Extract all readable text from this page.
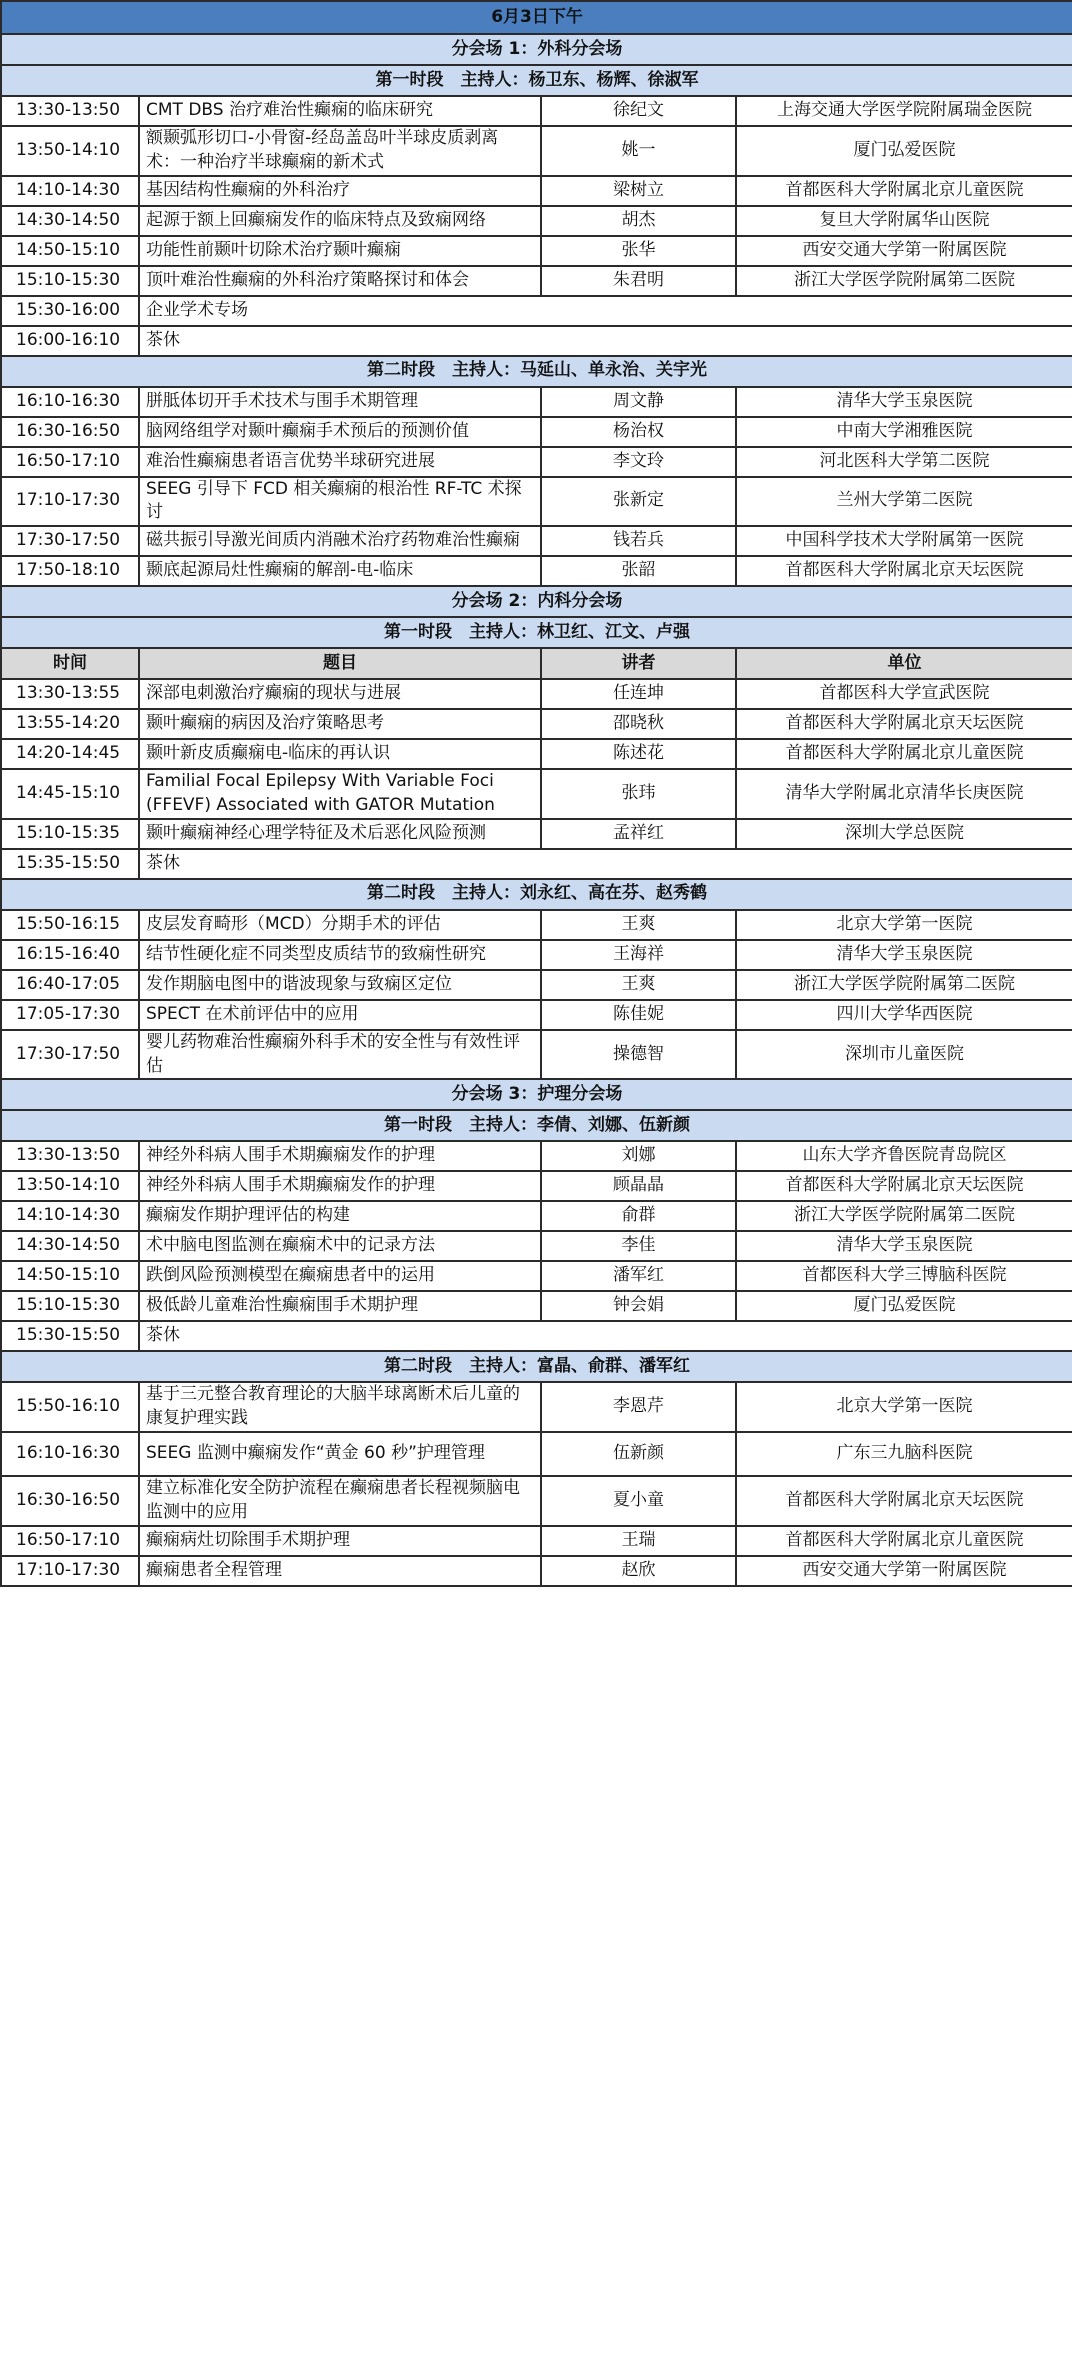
6月3日下午			
分会场 1：外科分会场			
第一时段　主持人：杨卫东、杨辉、徐淑军			
13:30-13:50	CMT DBS 治疗难治性癫痫的临床研究	徐纪文	上海交通大学医学院附属瑞金医院
13:50-14:10	额颞弧形切口-小骨窗-经岛盖岛叶半球皮质剥离术：一种治疗半球癫痫的新术式	姚一	厦门弘爱医院
14:10-14:30	基因结构性癫痫的外科治疗	梁树立	首都医科大学附属北京儿童医院
14:30-14:50	起源于额上回癫痫发作的临床特点及致痫网络	胡杰	复旦大学附属华山医院
14:50-15:10	功能性前颞叶切除术治疗颞叶癫痫	张华	西安交通大学第一附属医院
15:10-15:30	顶叶难治性癫痫的外科治疗策略探讨和体会	朱君明	浙江大学医学院附属第二医院
15:30-16:00	企业学术专场		
16:00-16:10	茶休		
第二时段　主持人：马延山、单永治、关宇光			
16:10-16:30	胼胝体切开手术技术与围手术期管理	周文静	清华大学玉泉医院
16:30-16:50	脑网络组学对颞叶癫痫手术预后的预测价值	杨治权	中南大学湘雅医院
16:50-17:10	难治性癫痫患者语言优势半球研究进展	李文玲	河北医科大学第二医院
17:10-17:30	SEEG 引导下 FCD 相关癫痫的根治性 RF-TC 术探讨	张新定	兰州大学第二医院
17:30-17:50	磁共振引导激光间质内消融术治疗药物难治性癫痫	钱若兵	中国科学技术大学附属第一医院
17:50-18:10	颞底起源局灶性癫痫的解剖-电-临床	张韶	首都医科大学附属北京天坛医院
分会场 2：内科分会场			
第一时段　主持人：林卫红、江文、卢强			
时间	题目	讲者	单位
13:30-13:55	深部电刺激治疗癫痫的现状与进展	任连坤	首都医科大学宣武医院
13:55-14:20	颞叶癫痫的病因及治疗策略思考	邵晓秋	首都医科大学附属北京天坛医院
14:20-14:45	颞叶新皮质癫痫电-临床的再认识	陈述花	首都医科大学附属北京儿童医院
14:45-15:10	Familial Focal Epilepsy With Variable Foci (FFEVF) Associated with GATOR Mutation	张玮	清华大学附属北京清华长庚医院
15:10-15:35	颞叶癫痫神经心理学特征及术后恶化风险预测	孟祥红	深圳大学总医院
15:35-15:50	茶休		
第二时段　主持人：刘永红、高在芬、赵秀鹤			
15:50-16:15	皮层发育畸形（MCD）分期手术的评估	王爽	北京大学第一医院
16:15-16:40	结节性硬化症不同类型皮质结节的致痫性研究	王海祥	清华大学玉泉医院
16:40-17:05	发作期脑电图中的谐波现象与致痫区定位	王爽	浙江大学医学院附属第二医院
17:05-17:30	SPECT 在术前评估中的应用	陈佳妮	四川大学华西医院
17:30-17:50	婴儿药物难治性癫痫外科手术的安全性与有效性评估	操德智	深圳市儿童医院
分会场 3：护理分会场			
第一时段　主持人：李倩、刘娜、伍新颜			
13:30-13:50	神经外科病人围手术期癫痫发作的护理	刘娜	山东大学齐鲁医院青岛院区
13:50-14:10	神经外科病人围手术期癫痫发作的护理	顾晶晶	首都医科大学附属北京天坛医院
14:10-14:30	癫痫发作期护理评估的构建	俞群	浙江大学医学院附属第二医院
14:30-14:50	术中脑电图监测在癫痫术中的记录方法	李佳	清华大学玉泉医院
14:50-15:10	跌倒风险预测模型在癫痫患者中的运用	潘军红	首都医科大学三博脑科医院
15:10-15:30	极低龄儿童难治性癫痫围手术期护理	钟会娟	厦门弘爱医院
15:30-15:50	茶休		
第二时段　主持人：富晶、俞群、潘军红			
15:50-16:10	基于三元整合教育理论的大脑半球离断术后儿童的康复护理实践	李恩芹	北京大学第一医院
16:10-16:30	SEEG 监测中癫痫发作“黄金 60 秒”护理管理	伍新颜	广东三九脑科医院
16:30-16:50	建立标准化安全防护流程在癫痫患者长程视频脑电监测中的应用	夏小童	首都医科大学附属北京天坛医院
16:50-17:10	癫痫病灶切除围手术期护理	王瑞	首都医科大学附属北京儿童医院
17:10-17:30	癫痫患者全程管理	赵欣	西安交通大学第一附属医院
